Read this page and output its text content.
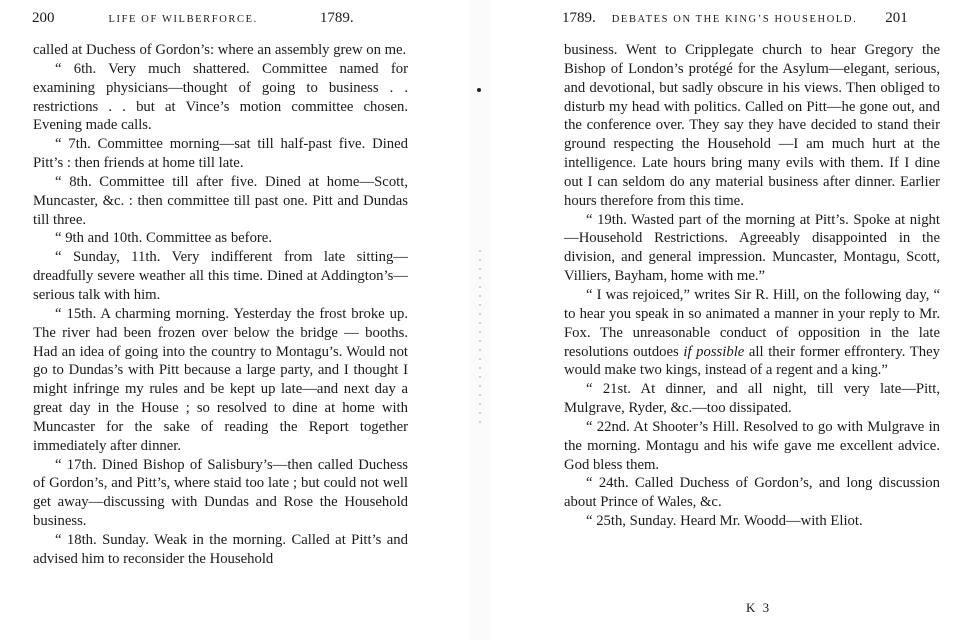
200	LIFE OF WILBERFORCE.	1789.

called at Duchess of Gordon’s: where an assembly grew on me.

“ 6th. Very much shattered. Committee named for examining physicians—thought of going to business . . restrictions . . but at Vince’s motion committee chosen. Evening made calls.

“ 7th. Committee morning—sat till half-past five. Dined Pitt’s : then friends at home till late.

“ 8th. Committee till after five. Dined at home—Scott, Muncaster, &c. : then committee till past one. Pitt and Dundas till three.

“ 9th and 10th. Committee as before.

“ Sunday, 11th. Very indifferent from late sitting—dreadfully severe weather all this time. Dined at Addington’s—serious talk with him.

“ 15th. A charming morning. Yesterday the frost broke up. The river had been frozen over below the bridge — booths. Had an idea of going into the country to Montagu’s. Would not go to Dundas’s with Pitt because a large party, and I thought I might infringe my rules and be kept up late—and next day a great day in the House ; so resolved to dine at home with Muncaster for the sake of reading the Report together immediately after dinner.

“ 17th. Dined Bishop of Salisbury’s—then called Duchess of Gordon’s, and Pitt’s, where staid too late ; but could not well get away—discussing with Dundas and Rose the Household business.

“ 18th. Sunday. Weak in the morning. Called at Pitt’s and advised him to reconsider the Household

1789. DEBATES ON THE KING’S HOUSEHOLD. 201

business. Went to Cripplegate church to hear Gregory the Bishop of London’s protégé for the Asylum—elegant, serious, and devotional, but sadly obscure in his views. Then obliged to disturb my head with politics. Called on Pitt—he gone out, and the conference over. They say they have decided to stand their ground respecting the Household —I am much hurt at the intelligence. Late hours bring many evils with them. If I dine out I can seldom do any material business after dinner. Earlier hours therefore from this time.

“ 19th. Wasted part of the morning at Pitt’s. Spoke at night—Household Restrictions. Agreeably disappointed in the division, and general impression. Muncaster, Montagu, Scott, Villiers, Bayham, home with me.”

“ I was rejoiced,” writes Sir R. Hill, on the following day, “ to hear you speak in so animated a manner in your reply to Mr. Fox. The unreasonable conduct of opposition in the late resolutions outdoes if possible all their former effrontery. They would make two kings, instead of a regent and a king.”

“ 21st. At dinner, and all night, till very late—Pitt, Mulgrave, Ryder, &c.—too dissipated.

“ 22nd. At Shooter’s Hill. Resolved to go with Mulgrave in the morning. Montagu and his wife gave me excellent advice. God bless them.

“ 24th. Called Duchess of Gordon’s, and long discussion about Prince of Wales, &c.

“ 25th, Sunday. Heard Mr. Woodd—with Eliot.

K 3
